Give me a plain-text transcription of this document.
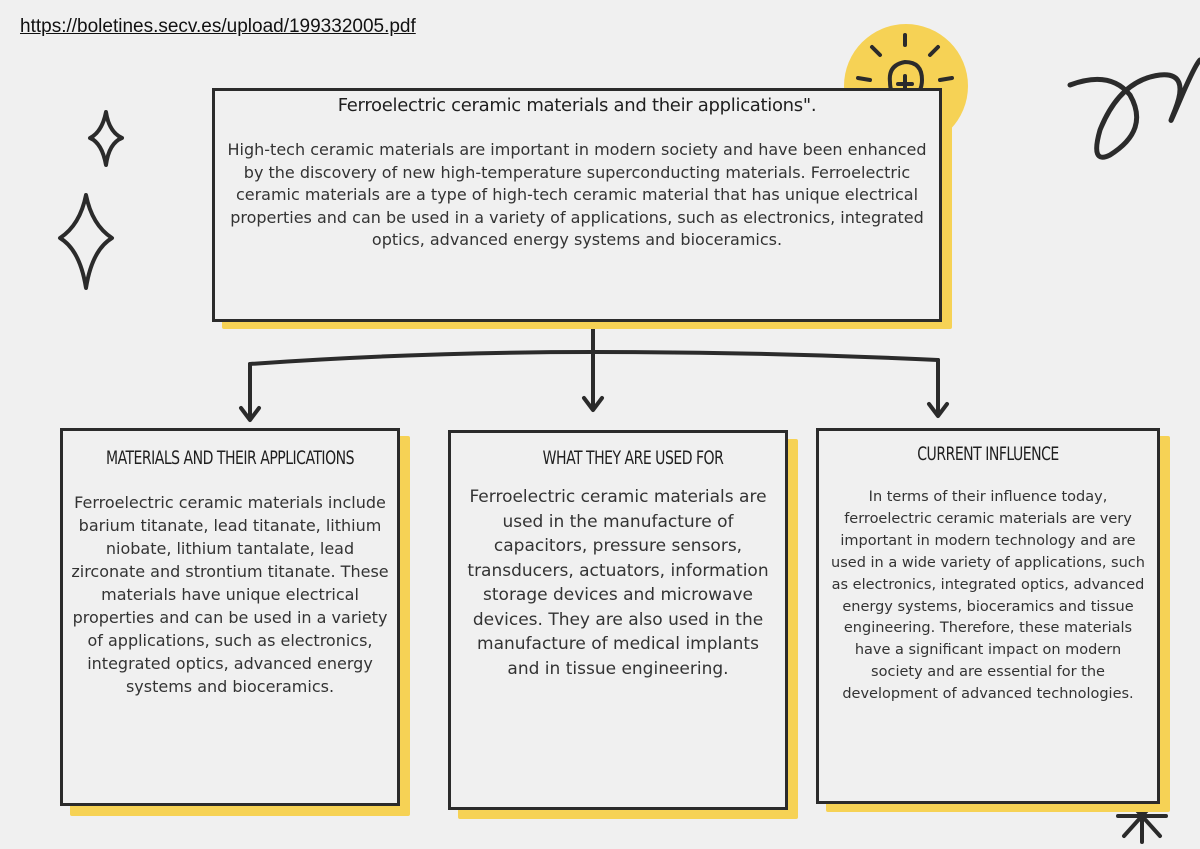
https://boletines.secv.es/upload/199332005.pdf
Ferroelectric ceramic materials and their applications".
High-tech ceramic materials are important in modern society and have been enhanced by the discovery of new high-temperature superconducting materials. Ferroelectric ceramic materials are a type of high-tech ceramic material that has unique electrical properties and can be used in a variety of applications, such as electronics, integrated optics, advanced energy systems and bioceramics.
MATERIALS AND THEIR APPLICATIONS
Ferroelectric ceramic materials include barium titanate, lead titanate, lithium niobate, lithium tantalate, lead zirconate and strontium titanate. These materials have unique electrical properties and can be used in a variety of applications, such as electronics, integrated optics, advanced energy systems and bioceramics.
WHAT THEY ARE USED FOR
Ferroelectric ceramic materials are used in the manufacture of capacitors, pressure sensors, transducers, actuators, information storage devices and microwave devices. They are also used in the manufacture of medical implants and in tissue engineering.
CURRENT INFLUENCE
In terms of their influence today, ferroelectric ceramic materials are very important in modern technology and are used in a wide variety of applications, such as electronics, integrated optics, advanced energy systems, bioceramics and tissue engineering. Therefore, these materials have a significant impact on modern society and are essential for the development of advanced technologies.
